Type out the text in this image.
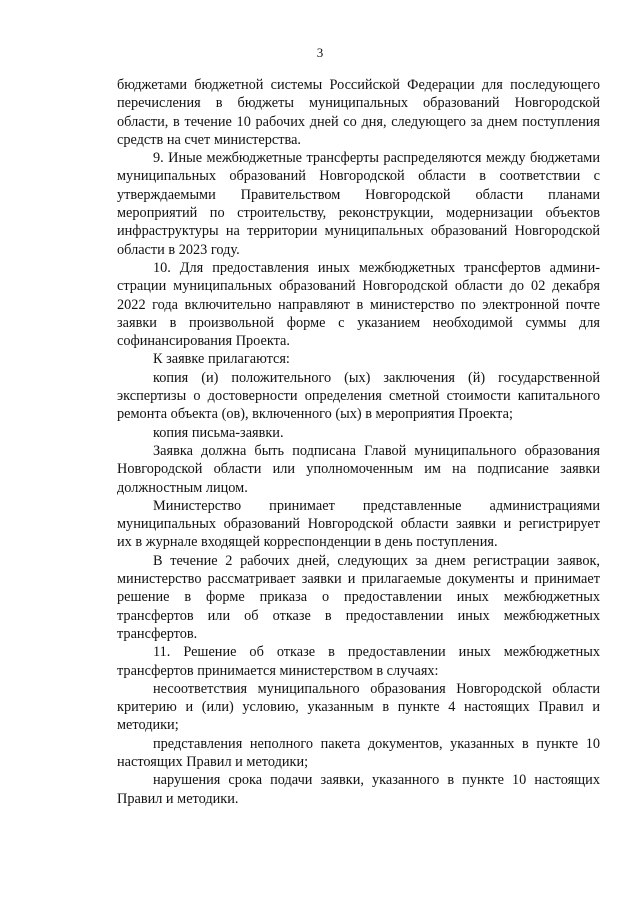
3
бюджетами бюджетной системы Российской Федерации для последующего
перечисления в бюджеты муниципальных образований Новгородской
области, в течение 10 рабочих дней со дня, следующего за днем поступления
средств на счет министерства.
9. Иные межбюджетные трансферты распределяются между бюджетами
муниципальных образований Новгородской области в соответствии с
утверждаемыми Правительством Новгородской области планами
мероприятий по строительству, реконструкции, модернизации объектов
инфраструктуры на территории муниципальных образований Новгородской
области в 2023 году.
10. Для предоставления иных межбюджетных трансфертов админи-
страции муниципальных образований Новгородской области до 02 декабря
2022 года включительно направляют в министерство по электронной почте
заявки в произвольной форме с указанием необходимой суммы для
софинансирования Проекта.
К заявке прилагаются:
копия (и) положительного (ых) заключения (й) государственной
экспертизы о достоверности определения сметной стоимости капитального
ремонта объекта (ов), включенного (ых) в мероприятия Проекта;
копия письма-заявки.
Заявка должна быть подписана Главой муниципального образования
Новгородской области или уполномоченным им на подписание заявки
должностным лицом.
Министерство принимает представленные администрациями
муниципальных образований Новгородской области заявки и регистрирует
их в журнале входящей корреспонденции в день поступления.
В течение 2 рабочих дней, следующих за днем регистрации заявок,
министерство рассматривает заявки и прилагаемые документы и принимает
решение в форме приказа о предоставлении иных межбюджетных
трансфертов или об отказе в предоставлении иных межбюджетных
трансфертов.
11. Решение об отказе в предоставлении иных межбюджетных
трансфертов принимается министерством в случаях:
несоответствия муниципального образования Новгородской области
критерию и (или) условию, указанным в пункте 4 настоящих Правил и
методики;
представления неполного пакета документов, указанных в пункте 10
настоящих Правил и методики;
нарушения срока подачи заявки, указанного в пункте 10 настоящих
Правил и методики.
